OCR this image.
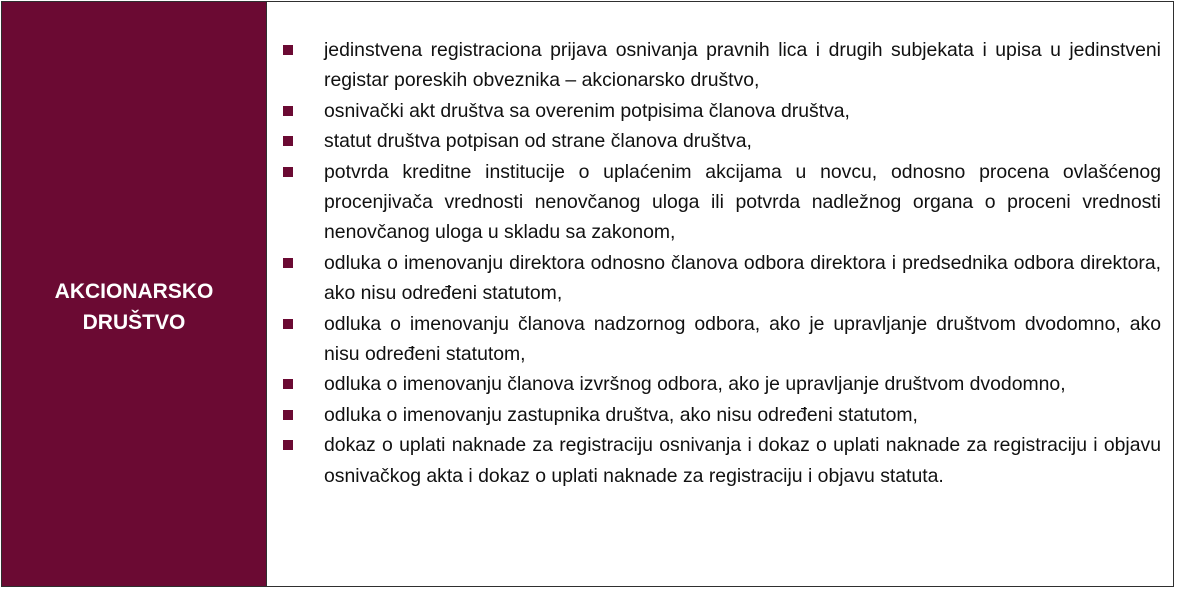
AKCIONARSKO
DRUŠTVO
jedinstvena registraciona prijava osnivanja pravnih lica i drugih subjekata i upisa u jedinstveni registar poreskih obveznika – akcionarsko društvo,
osnivački akt društva sa overenim potpisima članova društva,
statut društva potpisan od strane članova društva,
potvrda kreditne institucije o uplaćenim akcijama u novcu, odnosno procena ovlašćenog procenjivača vrednosti nenovčanog uloga ili potvrda nadležnog organa o proceni vrednosti nenovčanog uloga u skladu sa zakonom,
odluka o imenovanju direktora odnosno članova odbora direktora i predsednika odbora direktora, ako nisu određeni statutom,
odluka o imenovanju članova nadzornog odbora, ako je upravljanje društvom dvodomno, ako nisu određeni statutom,
odluka o imenovanju članova izvršnog odbora, ako je upravljanje društvom dvodomno,
odluka o imenovanju zastupnika društva, ako nisu određeni statutom,
dokaz o uplati naknade za registraciju osnivanja i dokaz o uplati naknade za registraciju i objavu osnivačkog akta i dokaz o uplati naknade za registraciju i objavu statuta.
